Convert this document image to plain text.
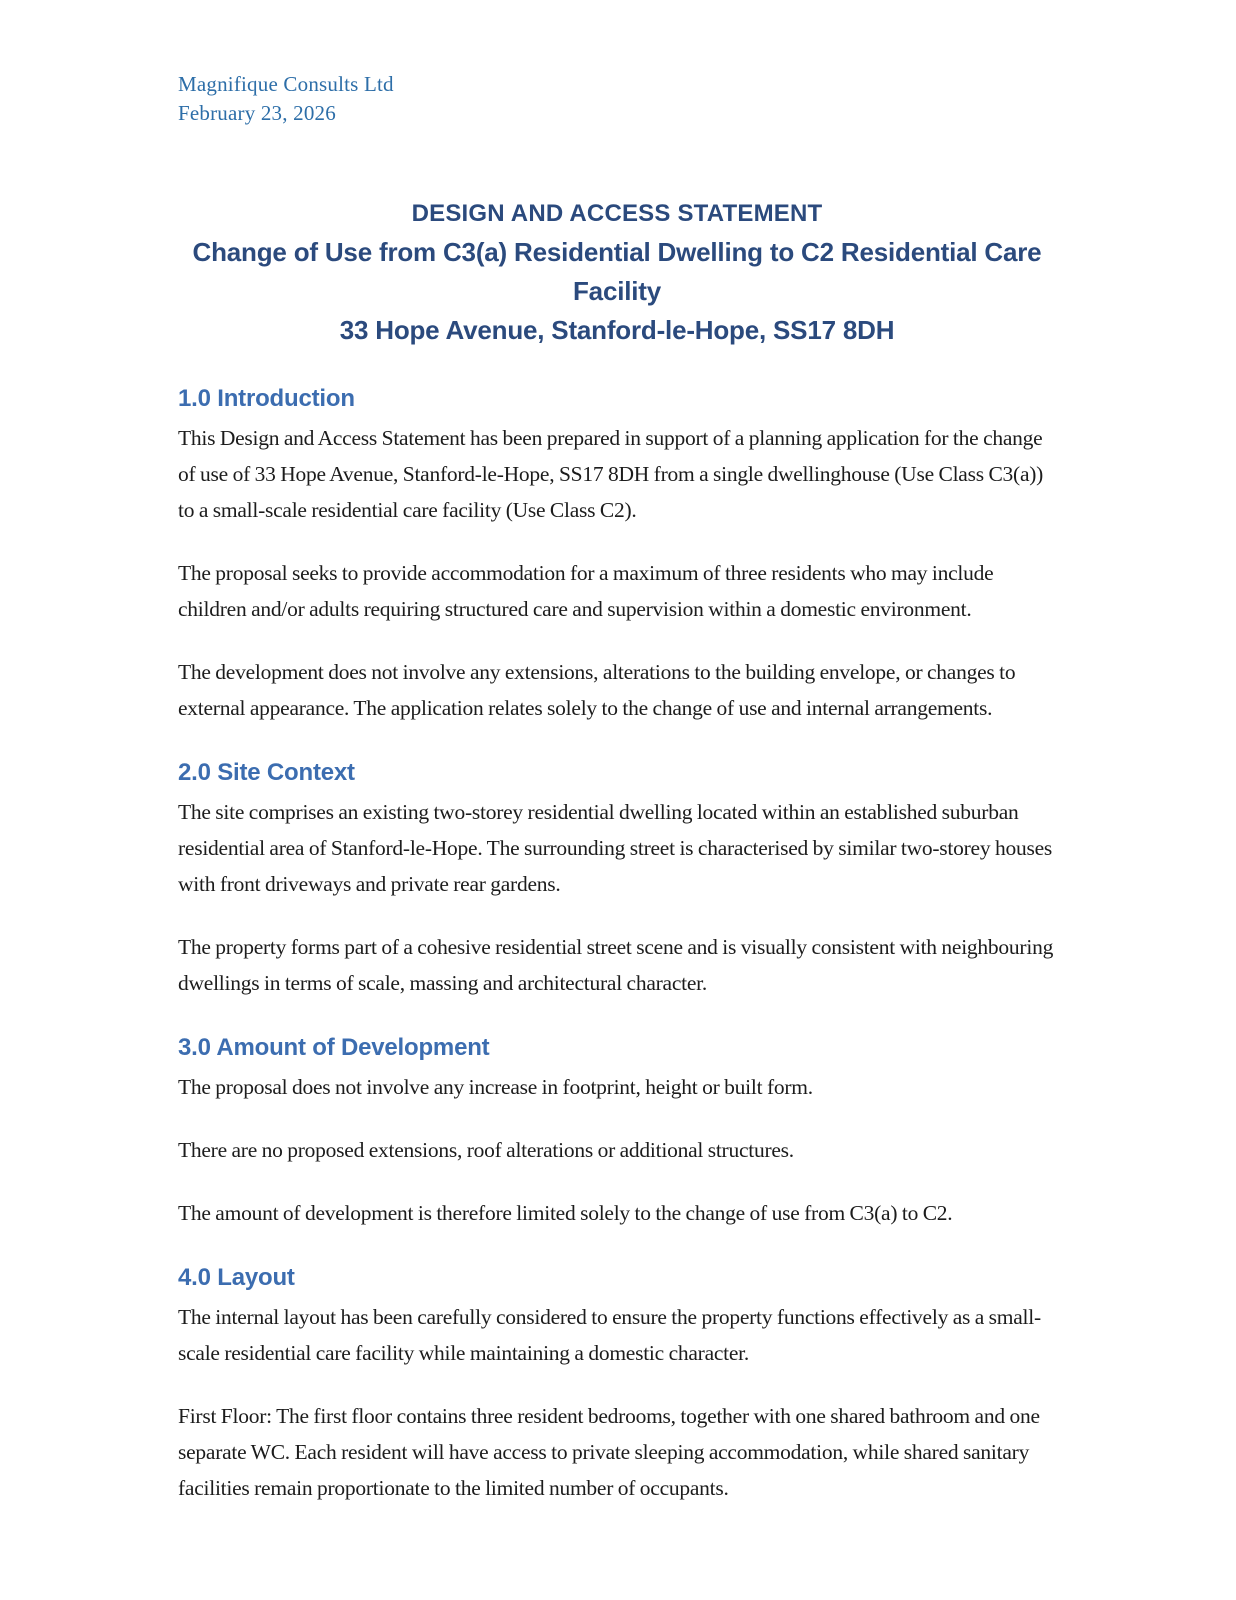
Magnifique Consults Ltd
February 23, 2026
DESIGN AND ACCESS STATEMENT
Change of Use from C3(a) Residential Dwelling to C2 Residential Care Facility
33 Hope Avenue, Stanford-le-Hope, SS17 8DH
1.0 Introduction

This Design and Access Statement has been prepared in support of a planning application for the change of use of 33 Hope Avenue, Stanford-le-Hope, SS17 8DH from a single dwellinghouse (Use Class C3(a)) to a small-scale residential care facility (Use Class C2).

The proposal seeks to provide accommodation for a maximum of three residents who may include children and/or adults requiring structured care and supervision within a domestic environment.

The development does not involve any extensions, alterations to the building envelope, or changes to external appearance. The application relates solely to the change of use and internal arrangements.

2.0 Site Context

The site comprises an existing two-storey residential dwelling located within an established suburban residential area of Stanford-le-Hope. The surrounding street is characterised by similar two-storey houses with front driveways and private rear gardens.

The property forms part of a cohesive residential street scene and is visually consistent with neighbouring dwellings in terms of scale, massing and architectural character.

3.0 Amount of Development

The proposal does not involve any increase in footprint, height or built form.

There are no proposed extensions, roof alterations or additional structures.

The amount of development is therefore limited solely to the change of use from C3(a) to C2.

4.0 Layout

The internal layout has been carefully considered to ensure the property functions effectively as a small-scale residential care facility while maintaining a domestic character.

First Floor: The first floor contains three resident bedrooms, together with one shared bathroom and one separate WC. Each resident will have access to private sleeping accommodation, while shared sanitary facilities remain proportionate to the limited number of occupants.
